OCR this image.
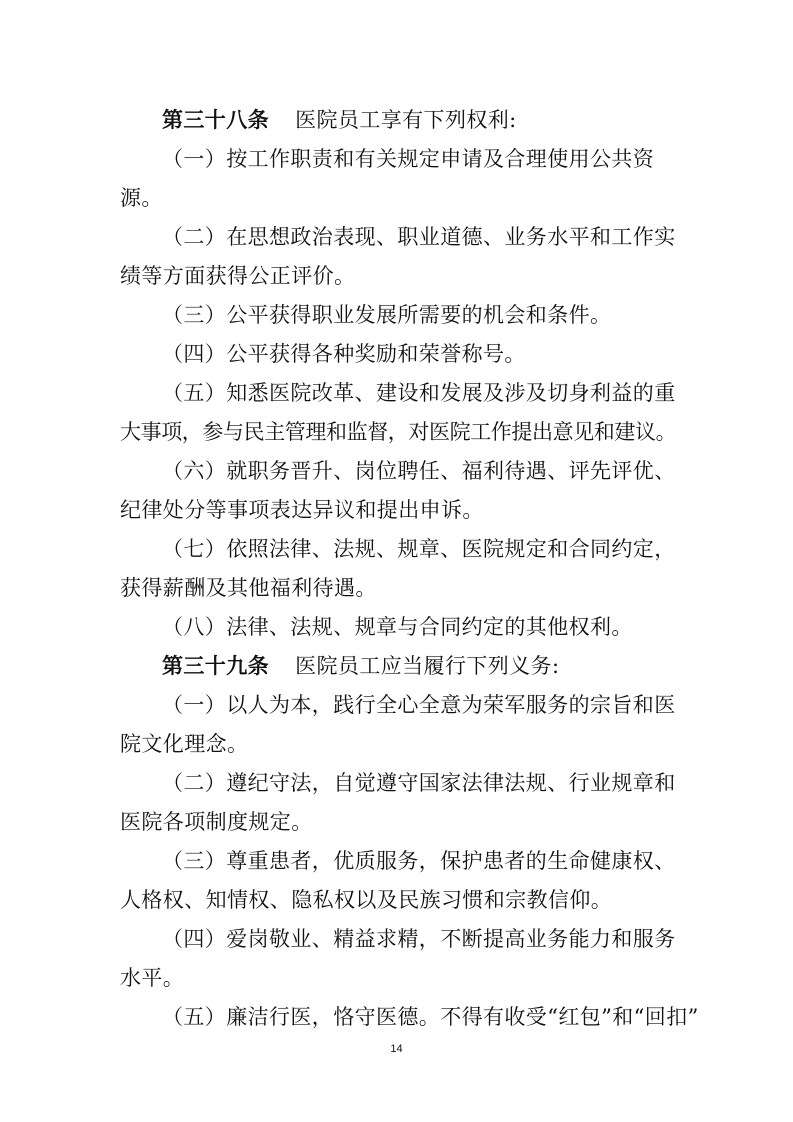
第三十八条 医院员工享有下列权利:
（一）按工作职责和有关规定申请及合理使用公共资
源。
（二）在思想政治表现、职业道德、业务水平和工作实
绩等方面获得公正评价。
（三）公平获得职业发展所需要的机会和条件。
（四）公平获得各种奖励和荣誉称号。
（五）知悉医院改革、建设和发展及涉及切身利益的重
大事项，参与民主管理和监督，对医院工作提出意见和建议。
（六）就职务晋升、岗位聘任、福利待遇、评先评优、
纪律处分等事项表达异议和提出申诉。
（七）依照法律、法规、规章、医院规定和合同约定，
获得薪酬及其他福利待遇。
（八）法律、法规、规章与合同约定的其他权利。
第三十九条 医院员工应当履行下列义务:
（一）以人为本，践行全心全意为荣军服务的宗旨和医
院文化理念。
（二）遵纪守法，自觉遵守国家法律法规、行业规章和
医院各项制度规定。
（三）尊重患者，优质服务，保护患者的生命健康权、
人格权、知情权、隐私权以及民族习惯和宗教信仰。
（四）爱岗敬业、精益求精，不断提高业务能力和服务
水平。
（五）廉洁行医，恪守医德。不得有收受“红包”和“回扣”
14
